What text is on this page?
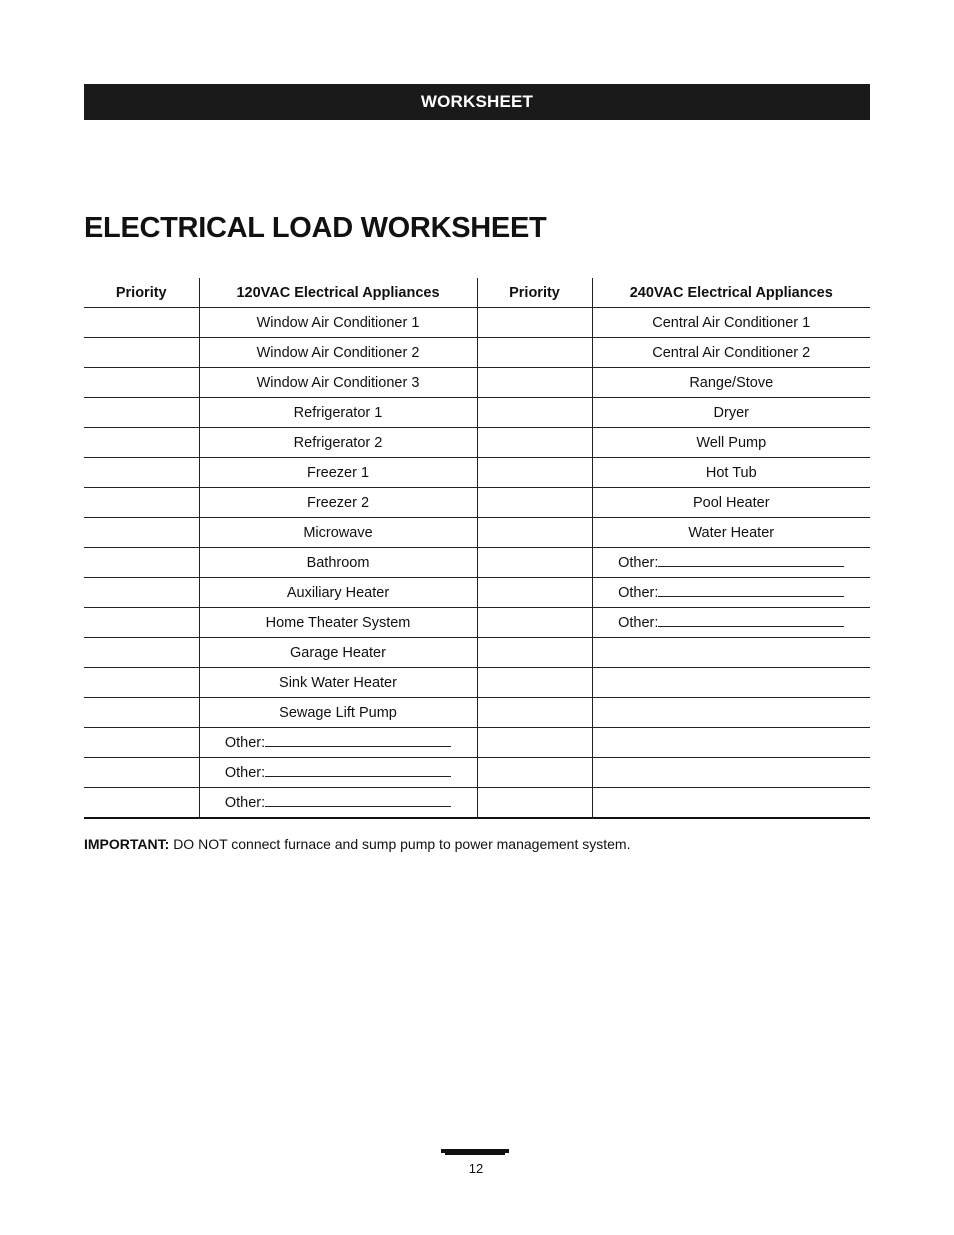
WORKSHEET
ELECTRICAL LOAD WORKSHEET
Priority	120VAC Electrical Appliances	Priority	240VAC Electrical Appliances
	Window Air Conditioner 1		Central Air Conditioner 1
	Window Air Conditioner 2		Central Air Conditioner 2
	Window Air Conditioner 3		Range/Stove
	Refrigerator 1		Dryer
	Refrigerator 2		Well Pump
	Freezer 1		Hot Tub
	Freezer 2		Pool Heater
	Microwave		Water Heater
	Bathroom		Other:
	Auxiliary Heater		Other:
	Home Theater System		Other:
	Garage Heater		
	Sink Water Heater		
	Sewage Lift Pump		
	Other:		
	Other:		
	Other:		
IMPORTANT: DO NOT connect furnace and sump pump to power management system.
12
